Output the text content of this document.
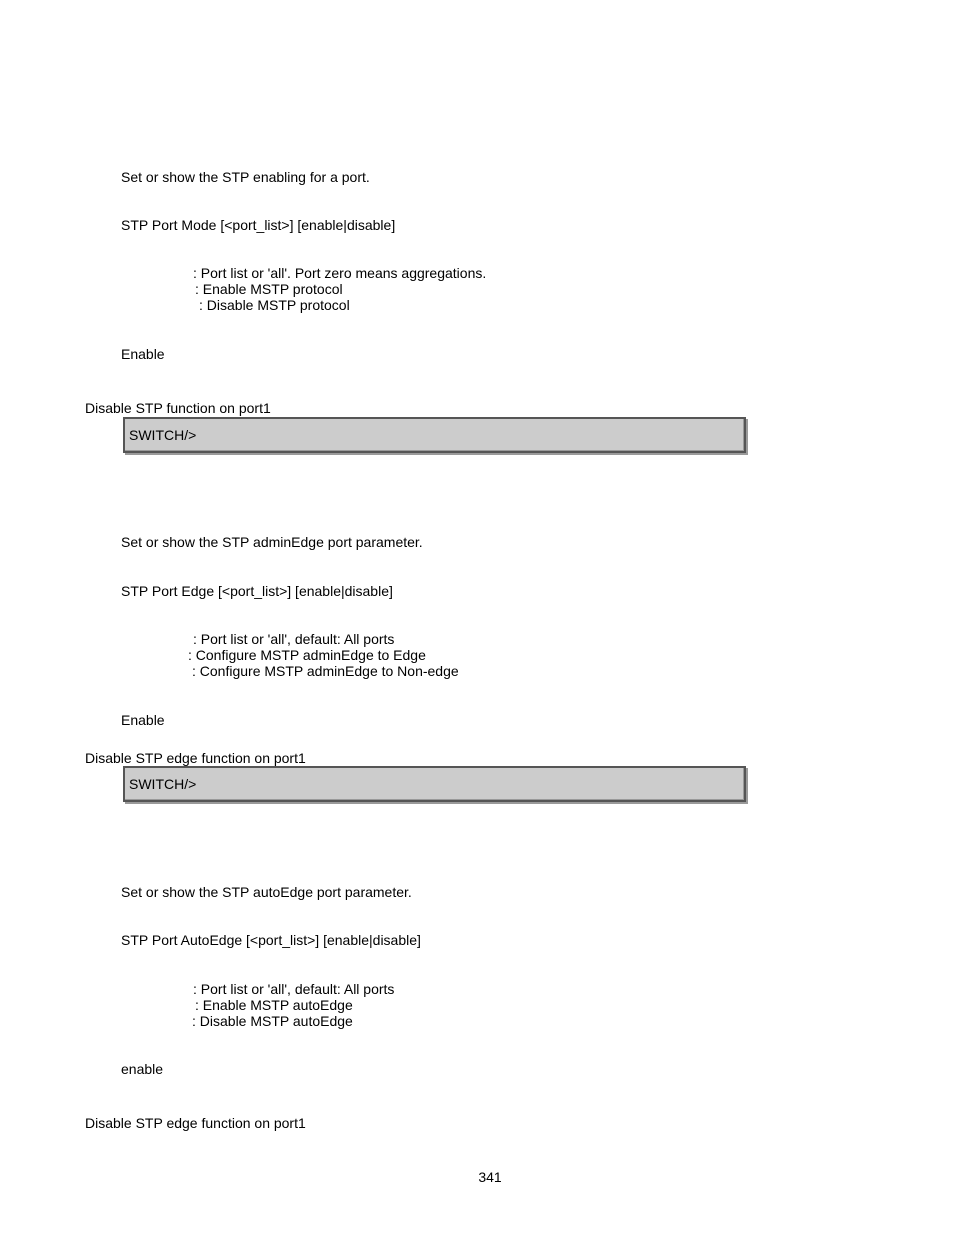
Set or show the STP enabling for a port.
STP Port Mode [<port_list>] [enable|disable]
: Port list or 'all'. Port zero means aggregations.
: Enable MSTP protocol
: Disable MSTP protocol
Enable
Disable STP function on port1
SWITCH/>
Set or show the STP adminEdge port parameter.
STP Port Edge [<port_list>] [enable|disable]
: Port list or 'all', default: All ports
: Configure MSTP adminEdge to Edge
: Configure MSTP adminEdge to Non-edge
Enable
Disable STP edge function on port1
SWITCH/>
Set or show the STP autoEdge port parameter.
STP Port AutoEdge [<port_list>] [enable|disable]
: Port list or 'all', default: All ports
: Enable MSTP autoEdge
: Disable MSTP autoEdge
enable
Disable STP edge function on port1
341
